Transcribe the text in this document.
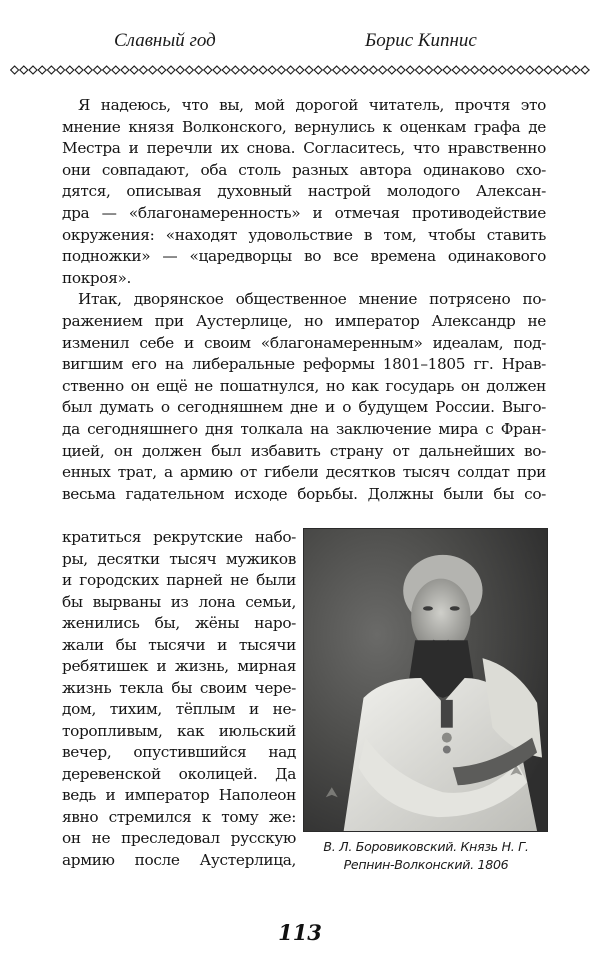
Славный год	Борис Кипнис
Я надеюсь, что вы, мой дорогой читатель, прочтя это
мнение князя Волконского, вернулись к оценкам графа де
Местра и перечли их снова. Согласитесь, что нравственно
они совпадают, оба столь разных автора одинаково схо-
дятся, описывая духовный настрой молодого Алексан-
дра — «благонамеренность» и отмечая противодействие
окружения: «находят удовольствие в том, чтобы ставить
подножки» — «царедворцы во все времена одинакового
покроя».
Итак, дворянское общественное мнение потрясено по-
ражением при Аустерлице, но император Александр не
изменил себе и своим «благонамеренным» идеалам, под-
вигшим его на либеральные реформы 1801–1805 гг. Нрав-
ственно он ещё не пошатнулся, но как государь он должен
был думать о сегодняшнем дне и о будущем России. Выго-
да сегодняшнего дня толкала на заключение мира с Фран-
цией, он должен был избавить страну от дальнейших во-
енных трат, а армию от гибели десятков тысяч солдат при
весьма гадательном исходе борьбы. Должны были бы со-
кратиться рекрутские набо-
ры, десятки тысяч мужиков
и городских парней не были
бы вырваны из лона семьи,
женились бы, жёны наро-
жали бы тысячи и тысячи
ребятишек и жизнь, мирная
жизнь текла бы своим чере-
дом, тихим, тёплым и не-
торопливым, как июльский
вечер, опустившийся над
деревенской околицей. Да
ведь и император Наполеон
явно стремился к тому же:
он не преследовал русскую
армию после Аустерлица,
В. Л. Боровиковский. Князь Н. Г.
Репнин-Волконский. 1806
113
